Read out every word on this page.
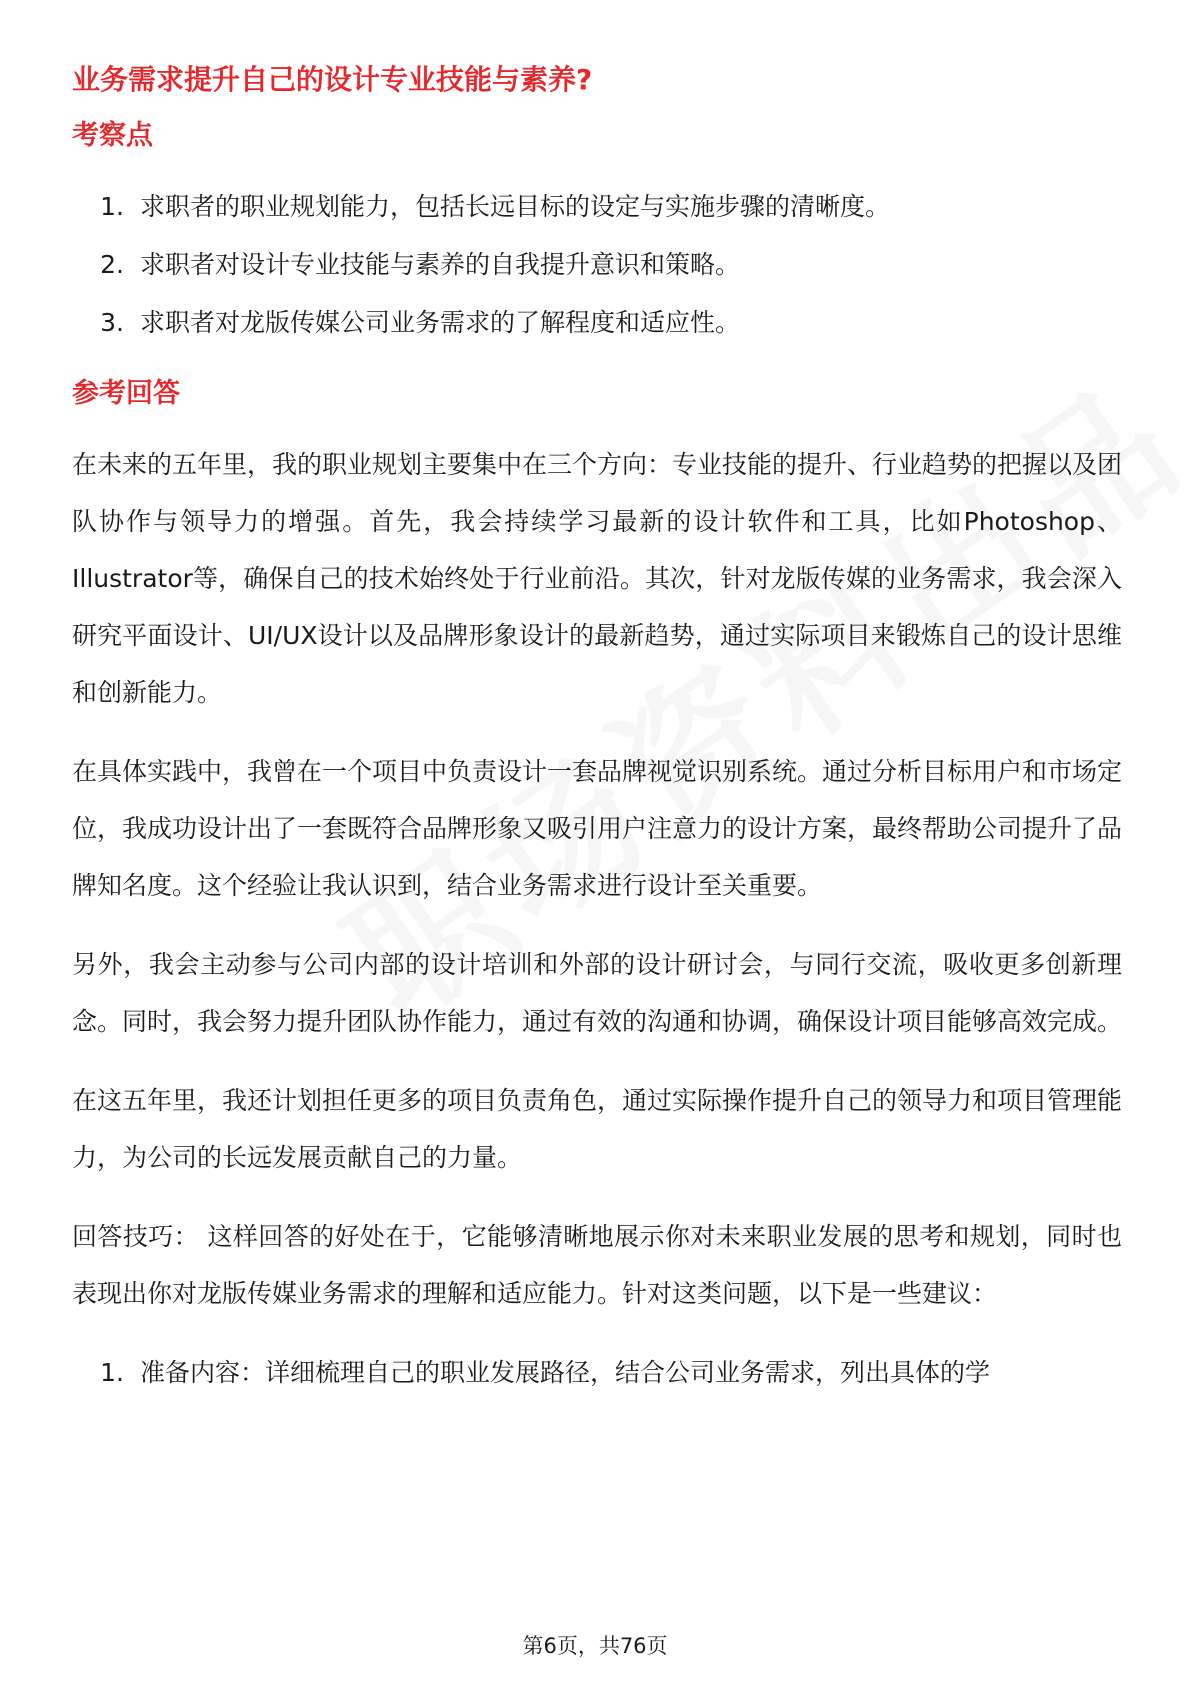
业务需求提升自己的设计专业技能与素养?
考察点
1. 求职者的职业规划能力，包括长远目标的设定与实施步骤的清晰度。
2. 求职者对设计专业技能与素养的自我提升意识和策略。
3. 求职者对龙版传媒公司业务需求的了解程度和适应性。
参考回答

在未来的五年里，我的职业规划主要集中在三个方向：专业技能的提升、行业趋势的把握以及团队协作与领导力的增强。首先，我会持续学习最新的设计软件和工具，比如Photoshop、Illustrator等，确保自己的技术始终处于行业前沿。其次，针对龙版传媒的业务需求，我会深入研究平面设计、UI/UX设计以及品牌形象设计的最新趋势，通过实际项目来锻炼自己的设计思维和创新能力。

在具体实践中，我曾在一个项目中负责设计一套品牌视觉识别系统。通过分析目标用户和市场定位，我成功设计出了一套既符合品牌形象又吸引用户注意力的设计方案，最终帮助公司提升了品牌知名度。这个经验让我认识到，结合业务需求进行设计至关重要。

另外，我会主动参与公司内部的设计培训和外部的设计研讨会，与同行交流，吸收更多创新理念。同时，我会努力提升团队协作能力，通过有效的沟通和协调，确保设计项目能够高效完成。

在这五年里，我还计划担任更多的项目负责角色，通过实际操作提升自己的领导力和项目管理能力，为公司的长远发展贡献自己的力量。

回答技巧： 这样回答的好处在于，它能够清晰地展示你对未来职业发展的思考和规划，同时也表现出你对龙版传媒业务需求的理解和适应能力。针对这类问题，以下是一些建议：

1. 准备内容：详细梳理自己的职业发展路径，结合公司业务需求，列出具体的学
第6页，共76页
